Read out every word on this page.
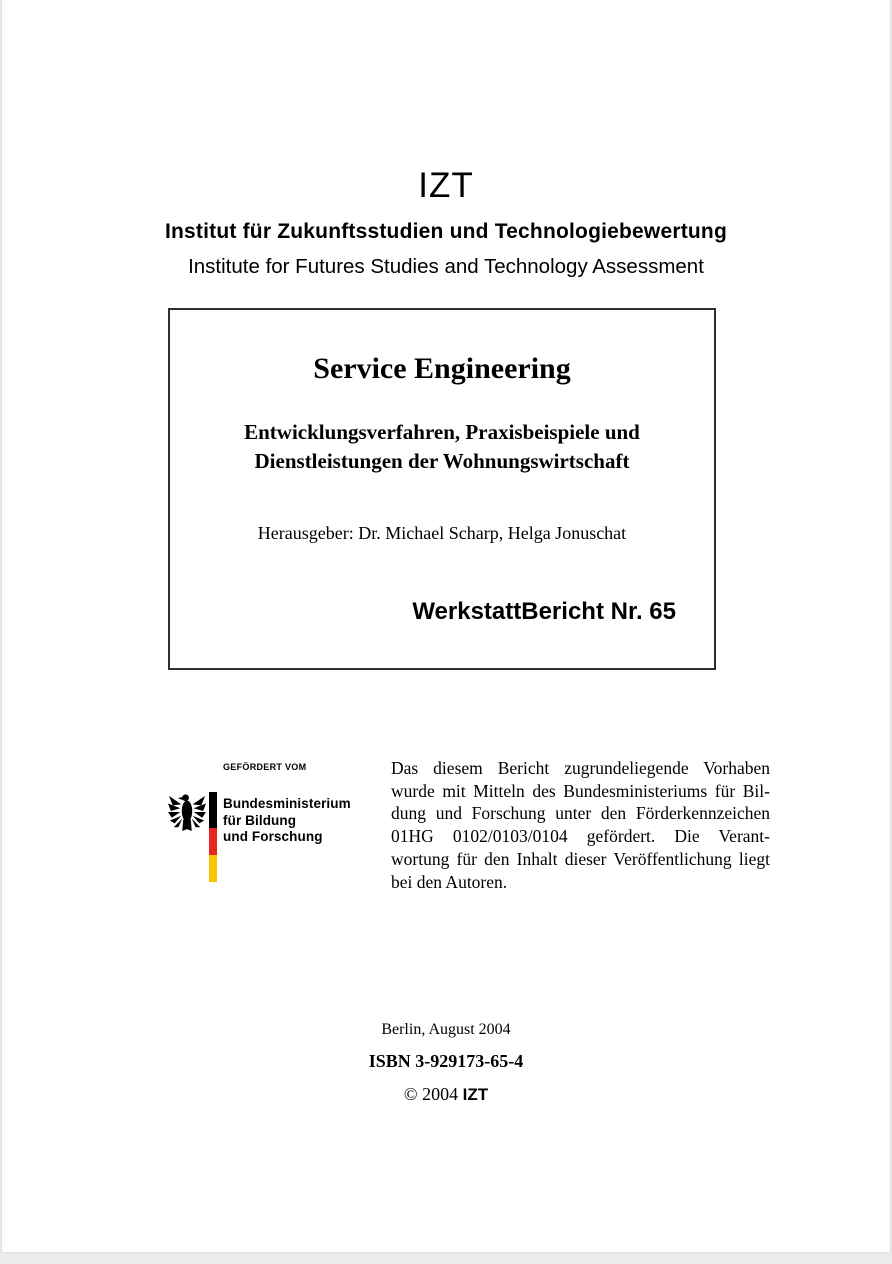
IZT
Institut für Zukunftsstudien und Technologiebewertung
Institute for Futures Studies and Technology Assessment
Service Engineering
Entwicklungsverfahren, Praxisbeispiele und
Dienstleistungen der Wohnungswirtschaft
Herausgeber: Dr. Michael Scharp, Helga Jonuschat
WerkstattBericht Nr. 65
GEFÖRDERT VOM
Bundesministerium
für Bildung
und Forschung
Das diesem Bericht zugrundeliegende Vorhaben
wurde mit Mitteln des Bundesministeriums für Bil-
dung und Forschung unter den Förderkennzeichen
01HG 0102/0103/0104 gefördert. Die Verant-
wortung für den Inhalt dieser Veröffentlichung liegt
bei den Autoren.
Berlin, August 2004
ISBN 3-929173-65-4
© 2004 IZT
